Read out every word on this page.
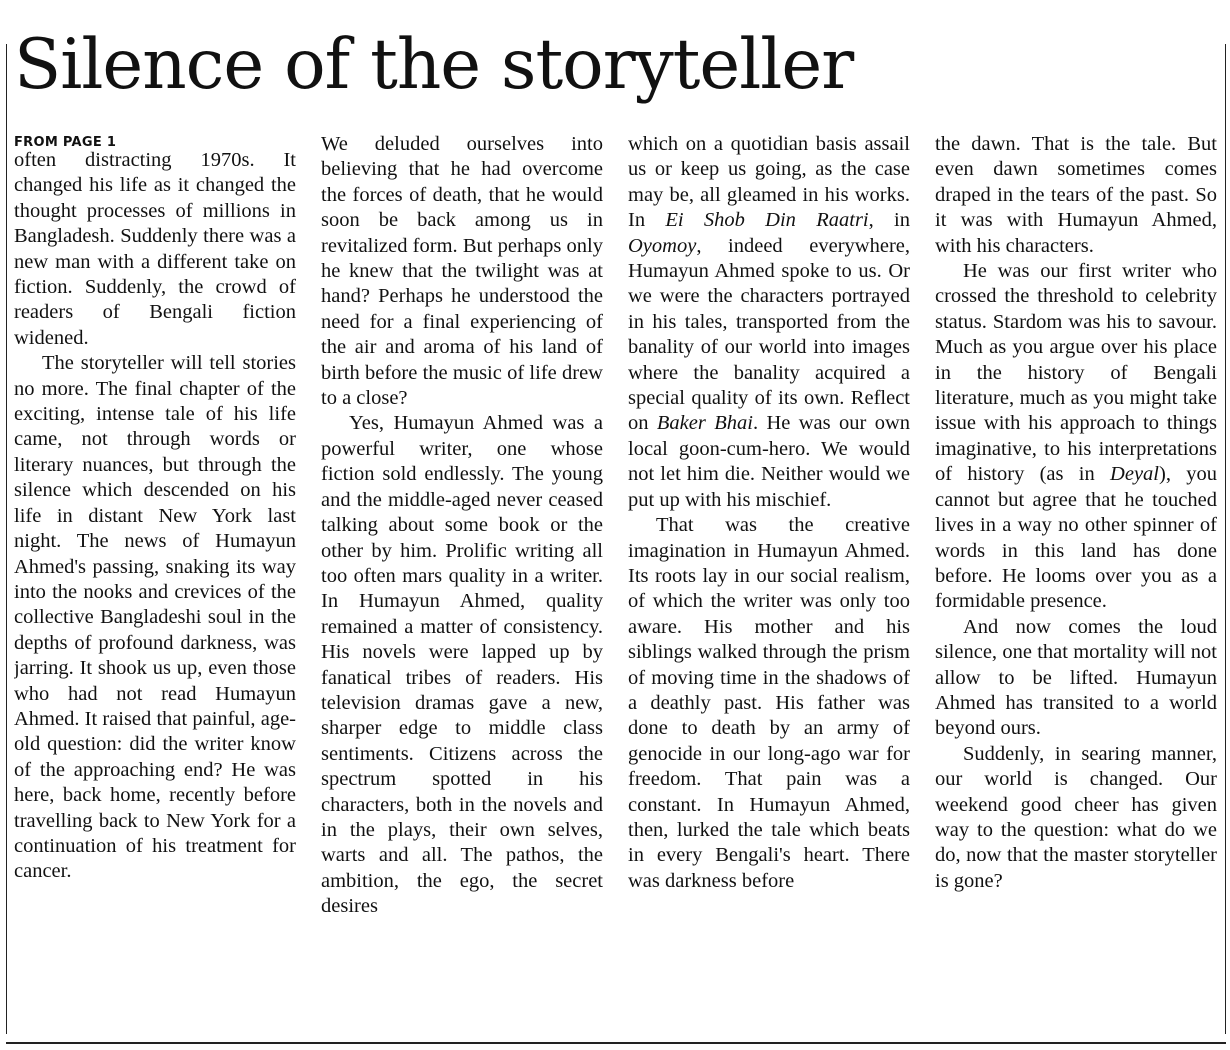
Silence of the storyteller
FROM PAGE 1

often distracting 1970s. It changed his life as it changed the thought processes of millions in Bangladesh. Suddenly there was a new man with a different take on fiction. Suddenly, the crowd of readers of Bengali fiction widened.

The storyteller will tell stories no more. The final chapter of the exciting, intense tale of his life came, not through words or literary nuances, but through the silence which descended on his life in distant New York last night. The news of Humayun Ahmed's passing, snaking its way into the nooks and crevices of the collective Bangladeshi soul in the depths of profound darkness, was jarring. It shook us up, even those who had not read Humayun Ahmed. It raised that painful, age-old question: did the writer know of the approaching end? He was here, back home, recently before travelling back to New York for a continuation of his treatment for cancer.

We deluded ourselves into believing that he had overcome the forces of death, that he would soon be back among us in revitalized form. But perhaps only he knew that the twilight was at hand? Perhaps he understood the need for a final experiencing of the air and aroma of his land of birth before the music of life drew to a close?

Yes, Humayun Ahmed was a powerful writer, one whose fiction sold endlessly. The young and the middle-aged never ceased talking about some book or the other by him. Prolific writing all too often mars quality in a writer. In Humayun Ahmed, quality remained a matter of consistency. His novels were lapped up by fanatical tribes of readers. His television dramas gave a new, sharper edge to middle class sentiments. Citizens across the spectrum spotted in his characters, both in the novels and in the plays, their own selves, warts and all. The pathos, the ambition, the ego, the secret desires

which on a quotidian basis assail us or keep us going, as the case may be, all gleamed in his works. In Ei Shob Din Raatri, in Oyomoy, indeed everywhere, Humayun Ahmed spoke to us. Or we were the characters portrayed in his tales, transported from the banality of our world into images where the banality acquired a special quality of its own. Reflect on Baker Bhai. He was our own local goon-cum-hero. We would not let him die. Neither would we put up with his mischief.

That was the creative imagination in Humayun Ahmed. Its roots lay in our social realism, of which the writer was only too aware. His mother and his siblings walked through the prism of moving time in the shadows of a deathly past. His father was done to death by an army of genocide in our long-ago war for freedom. That pain was a constant. In Humayun Ahmed, then, lurked the tale which beats in every Bengali's heart. There was darkness before

the dawn. That is the tale. But even dawn sometimes comes draped in the tears of the past. So it was with Humayun Ahmed, with his characters.

He was our first writer who crossed the threshold to celebrity status. Stardom was his to savour. Much as you argue over his place in the history of Bengali literature, much as you might take issue with his approach to things imaginative, to his interpretations of history (as in Deyal), you cannot but agree that he touched lives in a way no other spinner of words in this land has done before. He looms over you as a formidable presence.

And now comes the loud silence, one that mortality will not allow to be lifted. Humayun Ahmed has transited to a world beyond ours.

Suddenly, in searing manner, our world is changed. Our weekend good cheer has given way to the question: what do we do, now that the master storyteller is gone?
